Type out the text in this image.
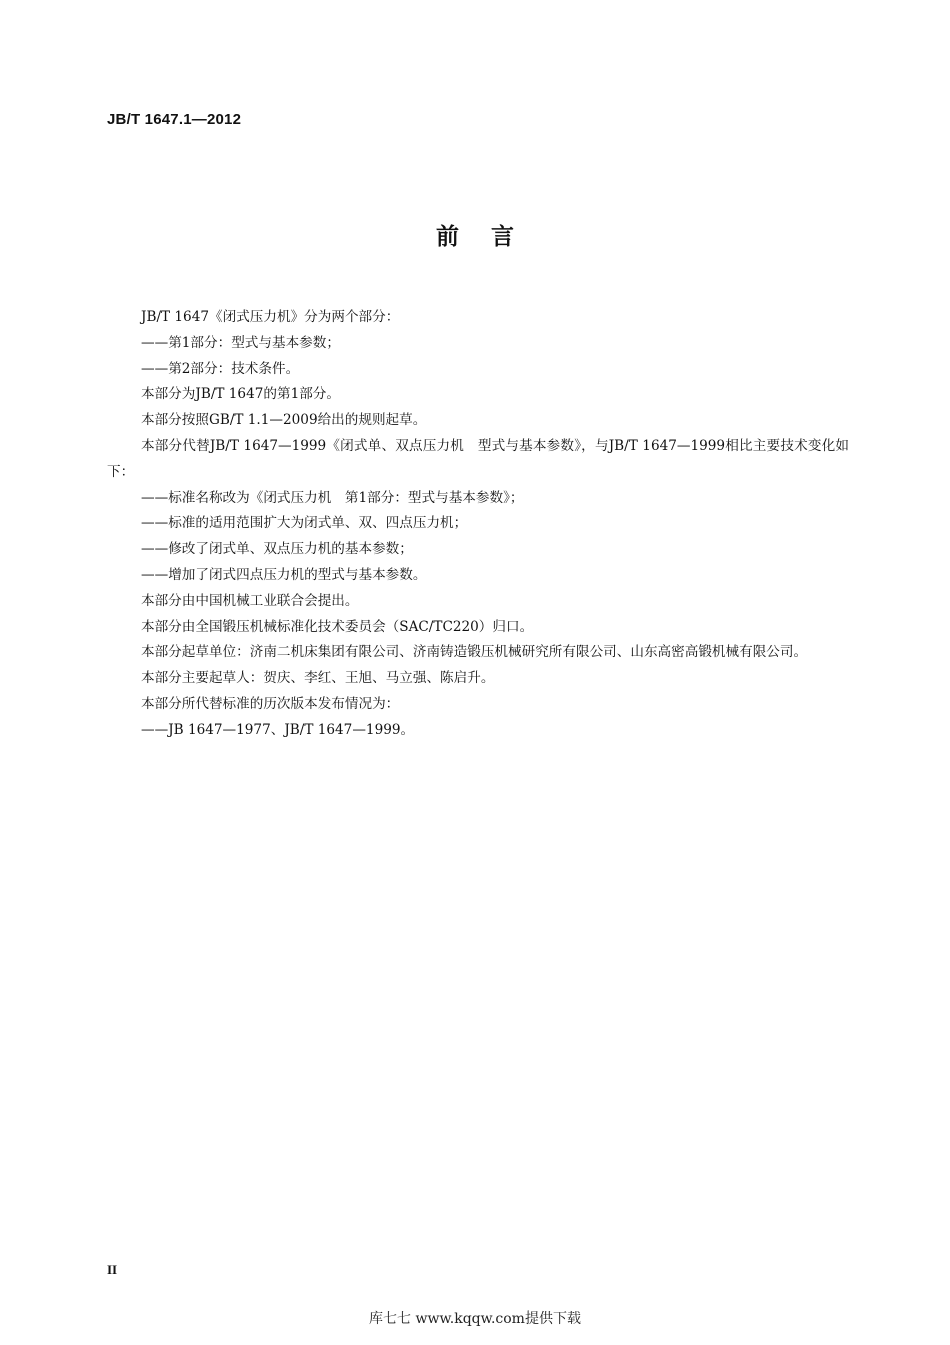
JB/T 1647.1—2012
前    言

JB/T 1647《闭式压力机》分为两个部分：

——第1部分：型式与基本参数；

——第2部分：技术条件。

本部分为JB/T 1647的第1部分。

本部分按照GB/T 1.1—2009给出的规则起草。

本部分代替JB/T 1647—1999《闭式单、双点压力机　型式与基本参数》，与JB/T 1647—1999相比主要技术变化如下：

——标准名称改为《闭式压力机　第1部分：型式与基本参数》；

——标准的适用范围扩大为闭式单、双、四点压力机；

——修改了闭式单、双点压力机的基本参数；

——增加了闭式四点压力机的型式与基本参数。

本部分由中国机械工业联合会提出。

本部分由全国锻压机械标准化技术委员会（SAC/TC220）归口。

本部分起草单位：济南二机床集团有限公司、济南铸造锻压机械研究所有限公司、山东高密高锻机械有限公司。

本部分主要起草人：贺庆、李红、王旭、马立强、陈启升。

本部分所代替标准的历次版本发布情况为：

——JB 1647—1977、JB/T 1647—1999。

II
库七七 www.kqqw.com提供下载
